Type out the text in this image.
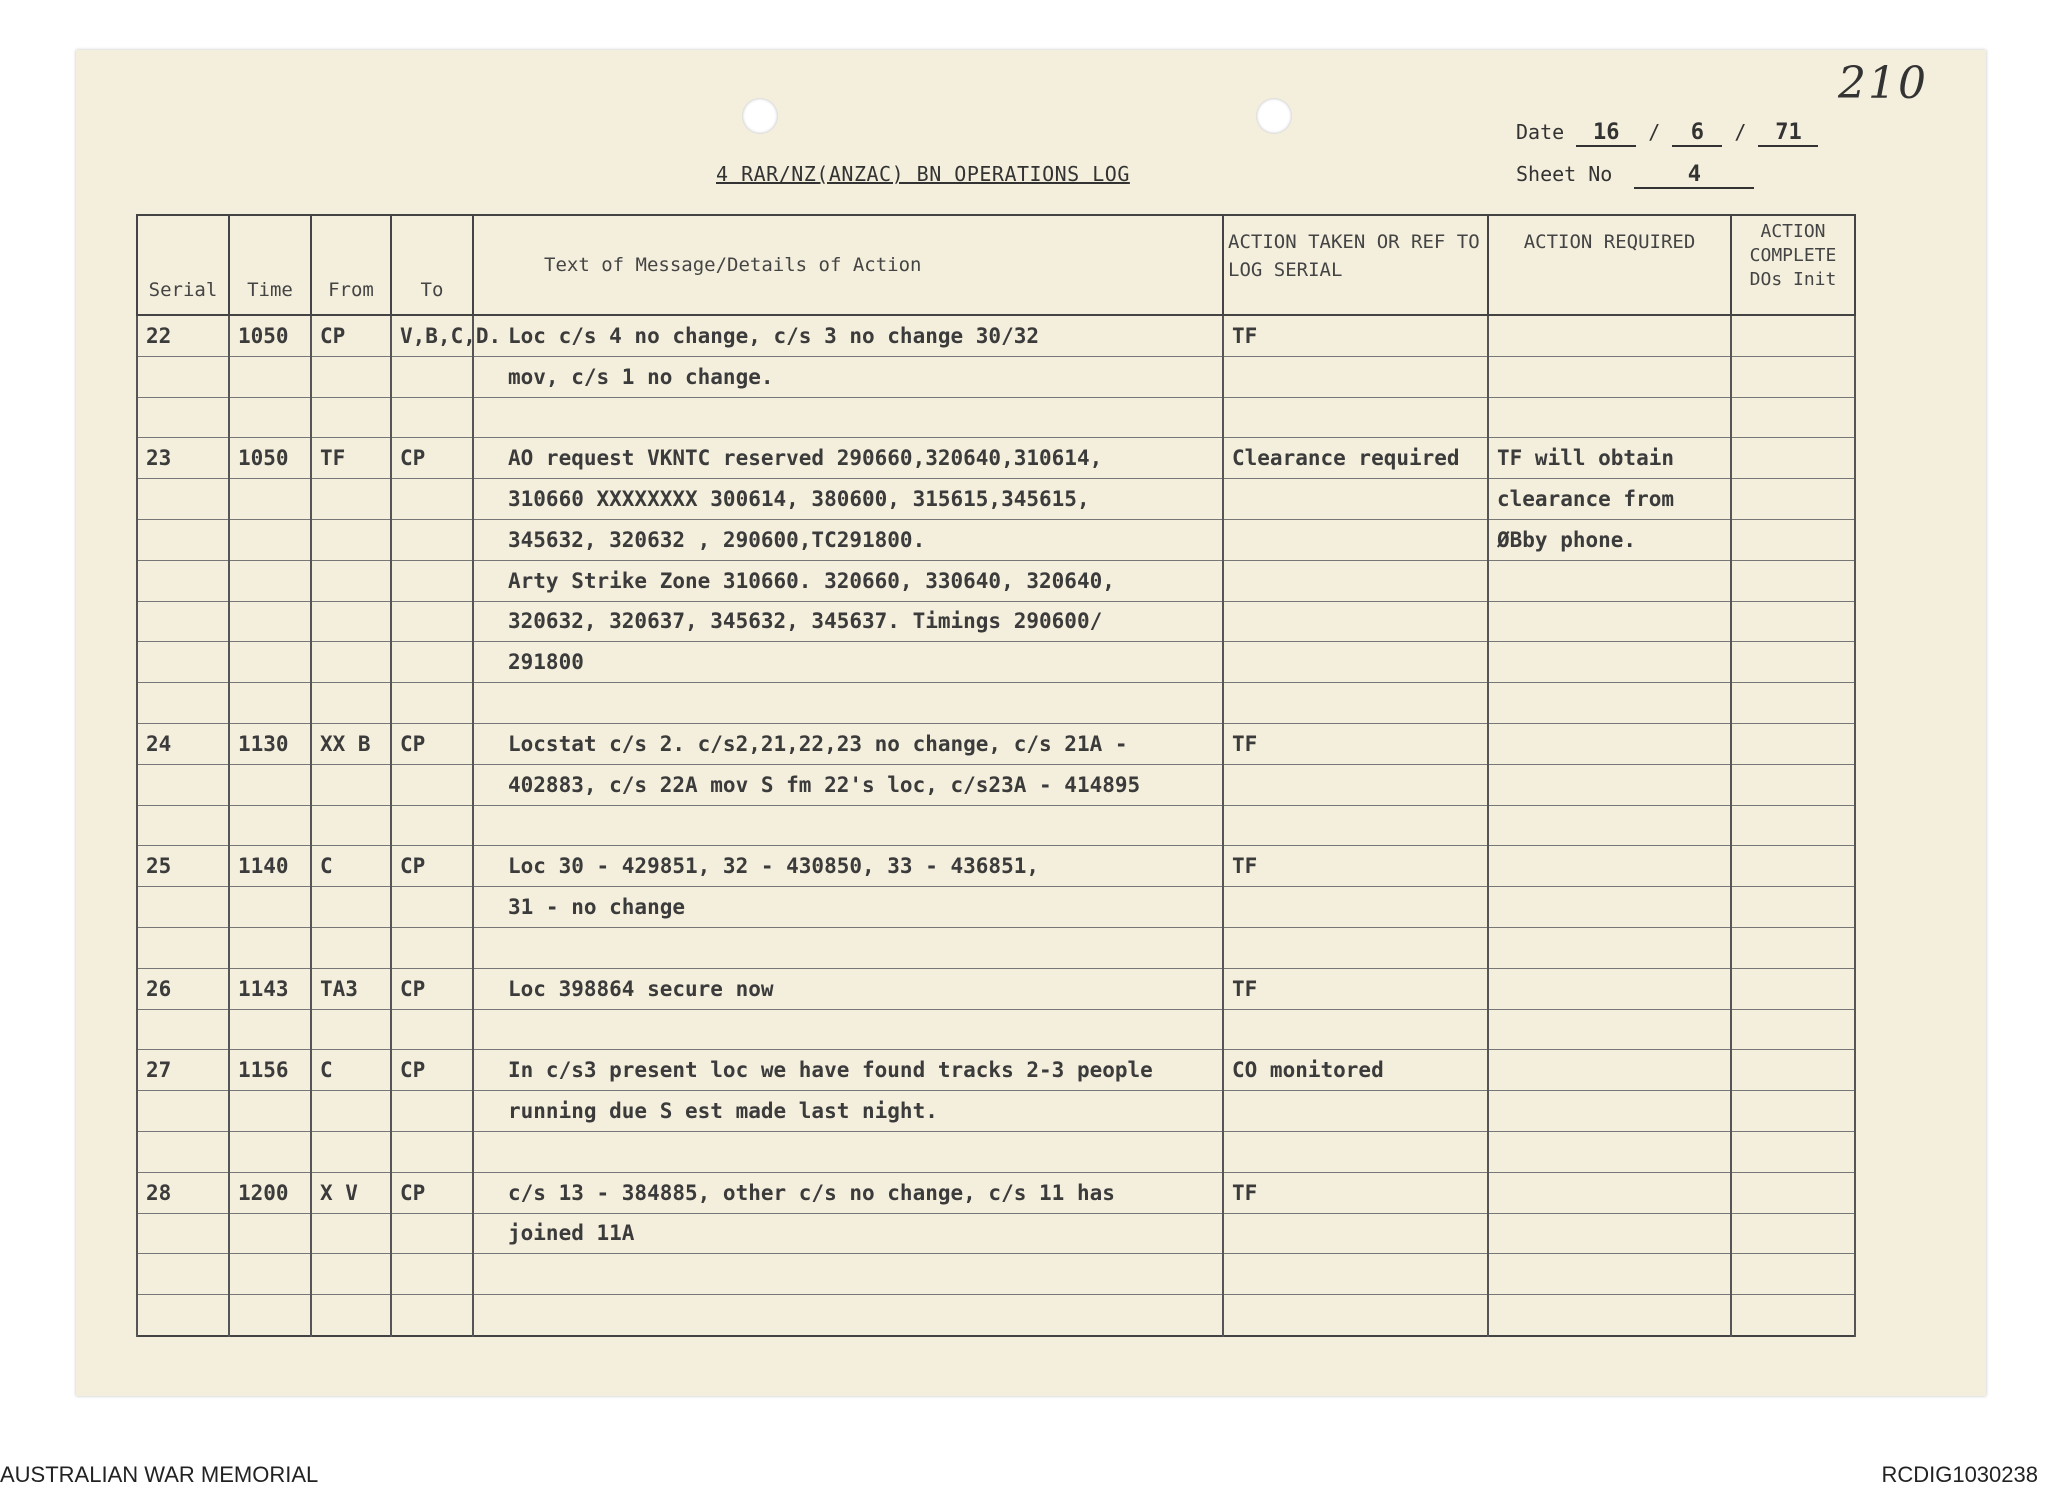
210
4 RAR/NZ(ANZAC) BN OPERATIONS LOG
Date 16 / 6 / 71
Sheet No	4
Serial	Time	From	To	Text of Message/Details of Action	ACTION TAKEN OR REF TO LOG SERIAL	ACTION REQUIRED	ACTION COMPLETE DOs Init
22	1050	CP	V,B,C,D.	Loc c/s 4 no change, c/s 3 no change 30/32	TF		
				mov, c/s 1 no change.			

23	1050	TF	CP	AO request VKNTC reserved 290660,320640,310614,	Clearance required	TF will obtain	
				310660 XXXXXXXX 300614, 380600, 315615,345615,		clearance from	
				345632, 320632 , 290600,TC291800.		ØBby phone.	
				Arty Strike Zone 310660. 320660, 330640, 320640,			
				320632, 320637, 345632, 345637. Timings 290600/			
				291800			

24	1130	XX B	CP	Locstat c/s 2. c/s2,21,22,23 no change, c/s 21A -	TF		
				402883, c/s 22A mov S fm 22's loc, c/s23A - 414895			

25	1140	C	CP	Loc 30 - 429851, 32 - 430850, 33 - 436851,	TF		
				31 - no change			

26	1143	TA3	CP	Loc 398864 secure now	TF		

27	1156	C	CP	In c/s3 present loc we have found tracks 2-3 people	CO monitored		
				running due S est made last night.			

28	1200	X V	CP	c/s 13 - 384885, other c/s no change, c/s 11 has	TF		
				joined 11A			

AUSTRALIAN WAR MEMORIAL	RCDIG1030238
